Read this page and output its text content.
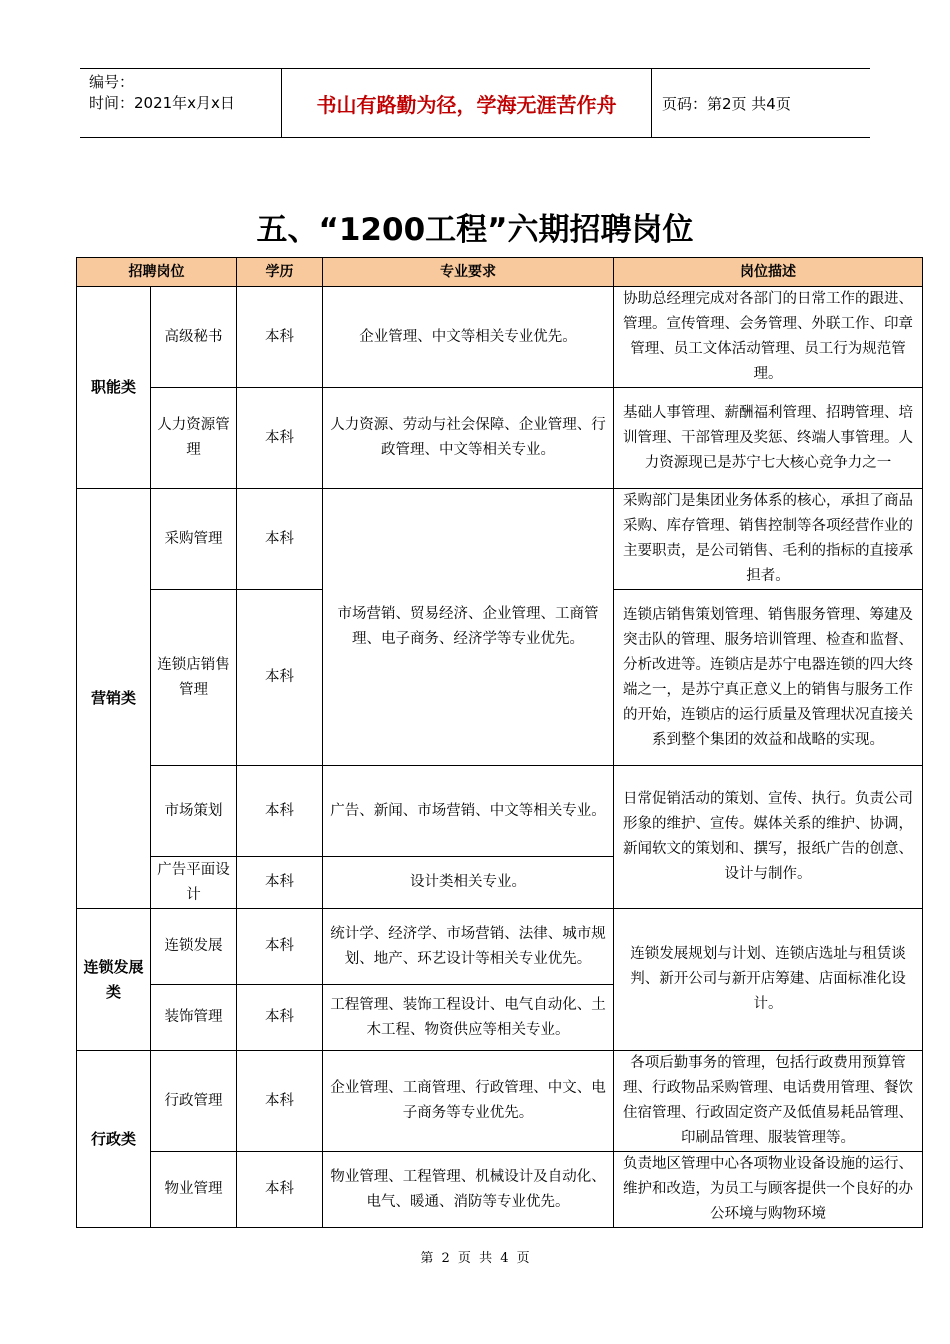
编号：
时间：2021年x月x日	书山有路勤为径，学海无涯苦作舟	页码：第2页 共4页
五、“1200工程”六期招聘岗位
招聘岗位		学历	专业要求	岗位描述
职能类	高级秘书	本科	企业管理、中文等相关专业优先。	协助总经理完成对各部门的日常工作的跟进、管理。宣传管理、会务管理、外联工作、印章管理、员工文体活动管理、员工行为规范管理。
	人力资源管理	本科	人力资源、劳动与社会保障、企业管理、行政管理、中文等相关专业。	基础人事管理、薪酬福利管理、招聘管理、培训管理、干部管理及奖惩、终端人事管理。人力资源现已是苏宁七大核心竞争力之一
营销类	采购管理	本科	市场营销、贸易经济、企业管理、工商管理、电子商务、经济学等专业优先。	采购部门是集团业务体系的核心，承担了商品采购、库存管理、销售控制等各项经营作业的主要职责，是公司销售、毛利的指标的直接承担者。
	连锁店销售管理	本科		连锁店销售策划管理、销售服务管理、筹建及突击队的管理、服务培训管理、检查和监督、分析改进等。连锁店是苏宁电器连锁的四大终端之一，是苏宁真正意义上的销售与服务工作的开始，连锁店的运行质量及管理状况直接关系到整个集团的效益和战略的实现。
	市场策划	本科	广告、新闻、市场营销、中文等相关专业。	日常促销活动的策划、宣传、执行。负责公司形象的维护、宣传。媒体关系的维护、协调，新闻软文的策划和、撰写，报纸广告的创意、设计与制作。
	广告平面设计	本科	设计类相关专业。	
连锁发展类	连锁发展	本科	统计学、经济学、市场营销、法律、城市规划、地产、环艺设计等相关专业优先。	连锁发展规划与计划、连锁店选址与租赁谈判、新开公司与新开店筹建、店面标准化设计。
	装饰管理	本科	工程管理、装饰工程设计、电气自动化、土木工程、物资供应等相关专业。	
行政类	行政管理	本科	企业管理、工商管理、行政管理、中文、电子商务等专业优先。	各项后勤事务的管理，包括行政费用预算管理、行政物品采购管理、电话费用管理、餐饮住宿管理、行政固定资产及低值易耗品管理、印刷品管理、服装管理等。
	物业管理	本科	物业管理、工程管理、机械设计及自动化、电气、暖通、消防等专业优先。	负责地区管理中心各项物业设备设施的运行、维护和改造，为员工与顾客提供一个良好的办公环境与购物环境
第 2 页 共 4 页
